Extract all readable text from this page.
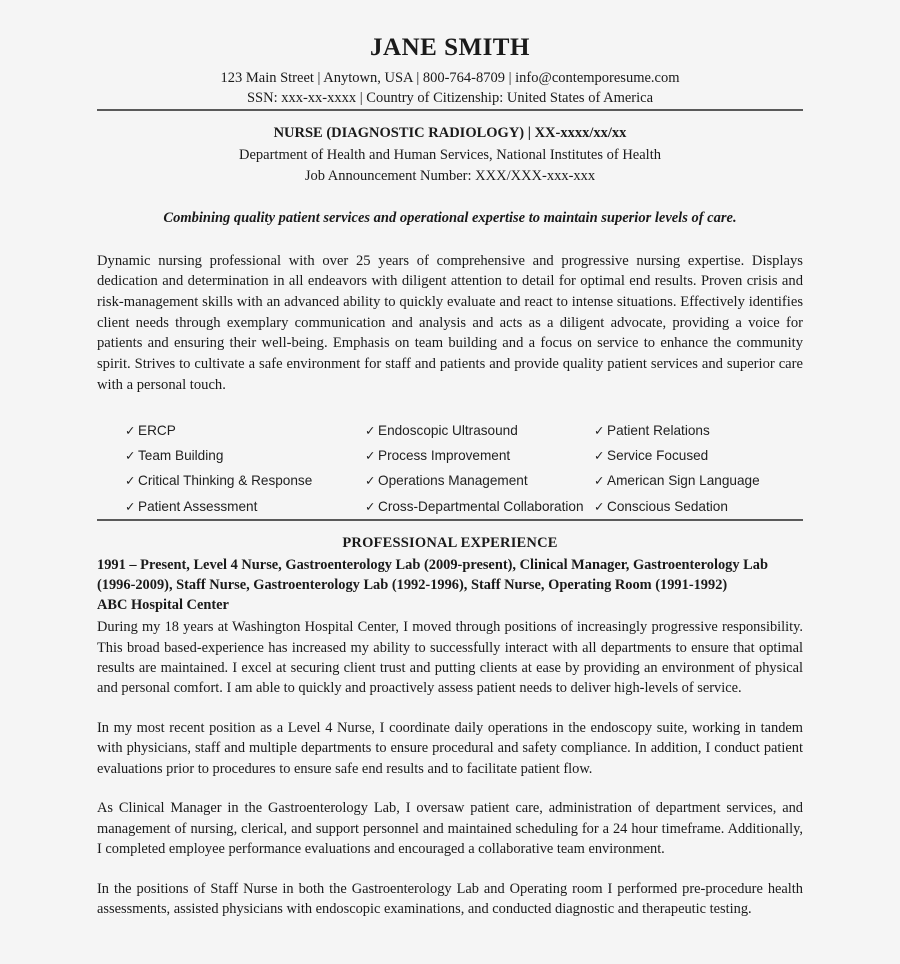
JANE SMITH
123 Main Street | Anytown, USA | 800-764-8709 | info@contemporesume.com
SSN: xxx-xx-xxxx | Country of Citizenship: United States of America
NURSE (DIAGNOSTIC RADIOLOGY) | XX-xxxx/xx/xx
Department of Health and Human Services, National Institutes of Health
Job Announcement Number: XXX/XXX-xxx-xxx
Combining quality patient services and operational expertise to maintain superior levels of care.

Dynamic nursing professional with over 25 years of comprehensive and progressive nursing expertise. Displays dedication and determination in all endeavors with diligent attention to detail for optimal end results. Proven crisis and risk-management skills with an advanced ability to quickly evaluate and react to intense situations. Effectively identifies client needs through exemplary communication and analysis and acts as a diligent advocate, providing a voice for patients and ensuring their well-being. Emphasis on team building and a focus on service to enhance the community spirit. Strives to cultivate a safe environment for staff and patients and provide quality patient services and superior care with a personal touch.

✓ ERCP	✓ Endoscopic Ultrasound	✓ Patient Relations
✓ Team Building	✓ Process Improvement	✓ Service Focused
✓ Critical Thinking & Response	✓ Operations Management	✓ American Sign Language
✓ Patient Assessment	✓ Cross-Departmental Collaboration ✓ Conscious Sedation
PROFESSIONAL EXPERIENCE
1991 – Present, Level 4 Nurse, Gastroenterology Lab (2009-present), Clinical Manager, Gastroenterology Lab (1996-2009), Staff Nurse, Gastroenterology Lab (1992-1996), Staff Nurse, Operating Room (1991-1992)
ABC Hospital Center

During my 18 years at Washington Hospital Center, I moved through positions of increasingly progressive responsibility. This broad based-experience has increased my ability to successfully interact with all departments to ensure that optimal results are maintained. I excel at securing client trust and putting clients at ease by providing an environment of physical and personal comfort. I am able to quickly and proactively assess patient needs to deliver high-levels of service.

In my most recent position as a Level 4 Nurse, I coordinate daily operations in the endoscopy suite, working in tandem with physicians, staff and multiple departments to ensure procedural and safety compliance. In addition, I conduct patient evaluations prior to procedures to ensure safe end results and to facilitate patient flow.

As Clinical Manager in the Gastroenterology Lab, I oversaw patient care, administration of department services, and management of nursing, clerical, and support personnel and maintained scheduling for a 24 hour timeframe. Additionally, I completed employee performance evaluations and encouraged a collaborative team environment.

In the positions of Staff Nurse in both the Gastroenterology Lab and Operating room I performed pre-procedure health assessments, assisted physicians with endoscopic examinations, and conducted diagnostic and therapeutic testing.
